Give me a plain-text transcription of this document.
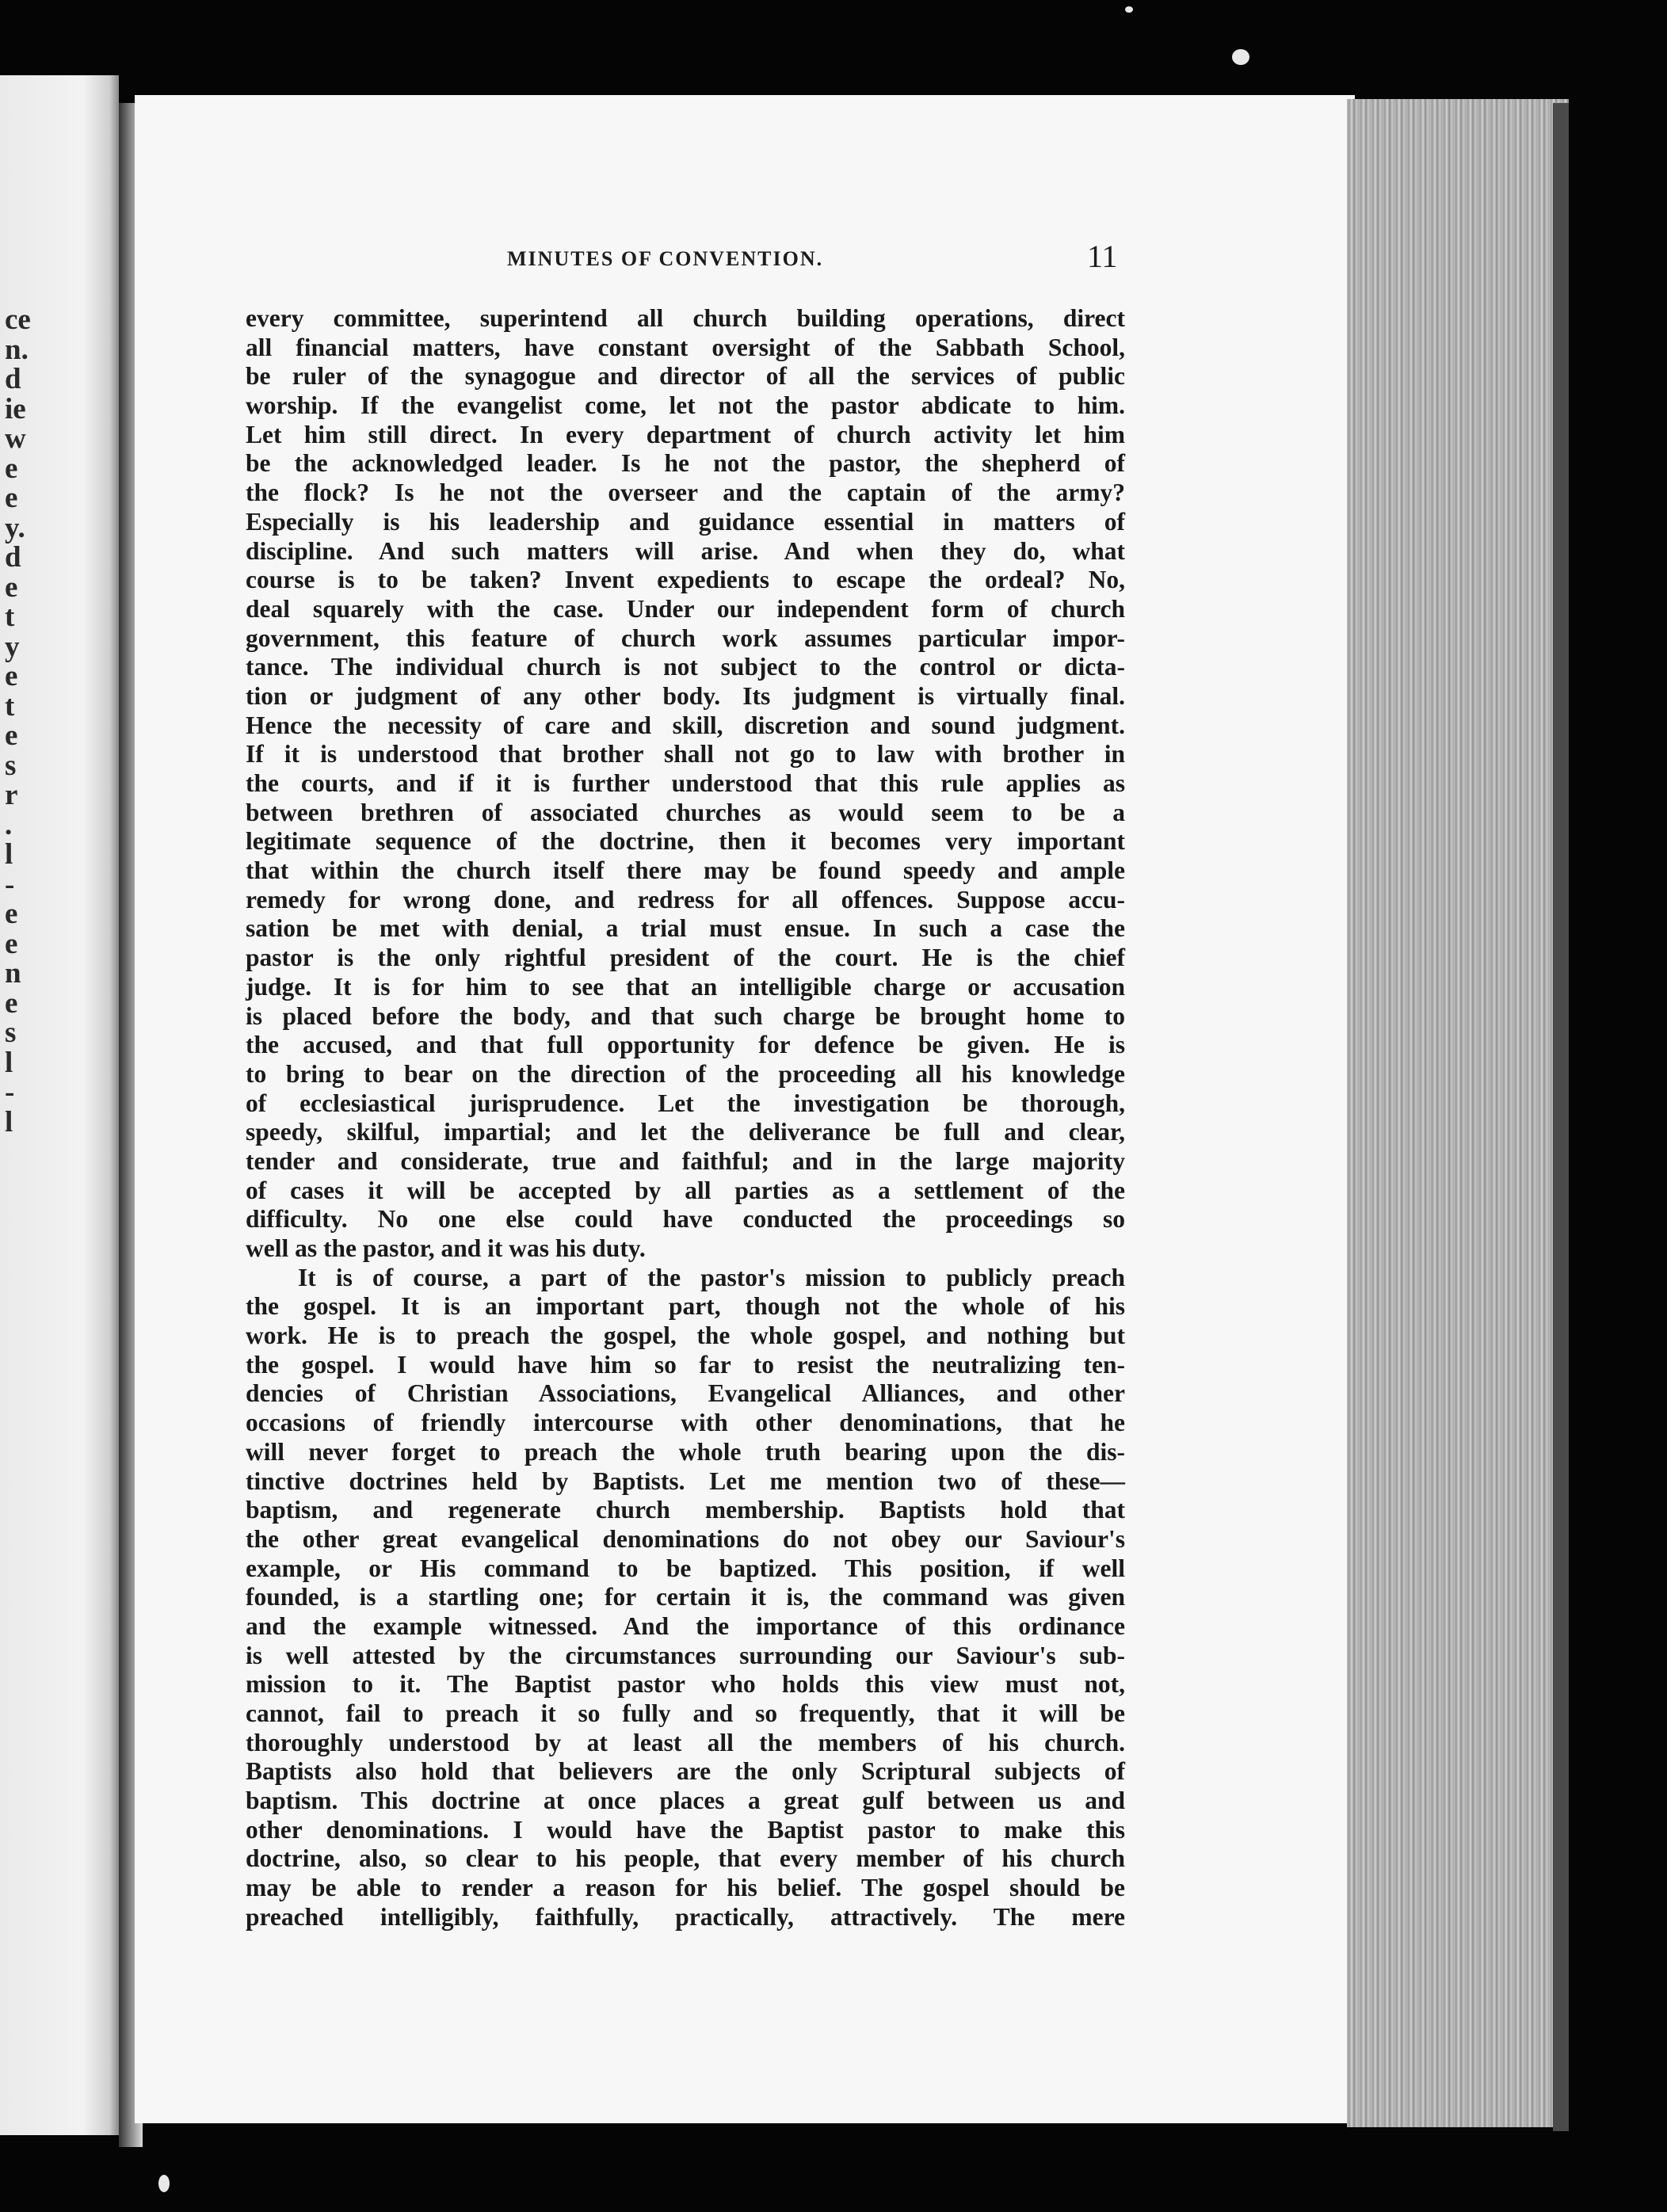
ce
n.
d
ie
w
e
e
y.
d
e
t
y
e
t
e
s
r
.
l
-
e
e
n
e
s
l
-
l
MINUTES OF CONVENTION.	11
every committee, superintend all church building operations, direct
all financial matters, have constant oversight of the Sabbath School,
be ruler of the synagogue and director of all the services of public
worship. If the evangelist come, let not the pastor abdicate to him.
Let him still direct. In every department of church activity let him
be the acknowledged leader. Is he not the pastor, the shepherd of
the flock? Is he not the overseer and the captain of the army?
Especially is his leadership and guidance essential in matters of
discipline. And such matters will arise. And when they do, what
course is to be taken? Invent expedients to escape the ordeal? No,
deal squarely with the case. Under our independent form of church
government, this feature of church work assumes particular impor-
tance. The individual church is not subject to the control or dicta-
tion or judgment of any other body. Its judgment is virtually final.
Hence the necessity of care and skill, discretion and sound judgment.
If it is understood that brother shall not go to law with brother in
the courts, and if it is further understood that this rule applies as
between brethren of associated churches as would seem to be a
legitimate sequence of the doctrine, then it becomes very important
that within the church itself there may be found speedy and ample
remedy for wrong done, and redress for all offences. Suppose accu-
sation be met with denial, a trial must ensue. In such a case the
pastor is the only rightful president of the court. He is the chief
judge. It is for him to see that an intelligible charge or accusation
is placed before the body, and that such charge be brought home to
the accused, and that full opportunity for defence be given. He is
to bring to bear on the direction of the proceeding all his knowledge
of ecclesiastical jurisprudence. Let the investigation be thorough,
speedy, skilful, impartial; and let the deliverance be full and clear,
tender and considerate, true and faithful; and in the large majority
of cases it will be accepted by all parties as a settlement of the
difficulty. No one else could have conducted the proceedings so
well as the pastor, and it was his duty.
It is of course, a part of the pastor's mission to publicly preach
the gospel. It is an important part, though not the whole of his
work. He is to preach the gospel, the whole gospel, and nothing but
the gospel. I would have him so far to resist the neutralizing ten-
dencies of Christian Associations, Evangelical Alliances, and other
occasions of friendly intercourse with other denominations, that he
will never forget to preach the whole truth bearing upon the dis-
tinctive doctrines held by Baptists. Let me mention two of these—
baptism, and regenerate church membership. Baptists hold that
the other great evangelical denominations do not obey our Saviour's
example, or His command to be baptized. This position, if well
founded, is a startling one; for certain it is, the command was given
and the example witnessed. And the importance of this ordinance
is well attested by the circumstances surrounding our Saviour's sub-
mission to it. The Baptist pastor who holds this view must not,
cannot, fail to preach it so fully and so frequently, that it will be
thoroughly understood by at least all the members of his church.
Baptists also hold that believers are the only Scriptural subjects of
baptism. This doctrine at once places a great gulf between us and
other denominations. I would have the Baptist pastor to make this
doctrine, also, so clear to his people, that every member of his church
may be able to render a reason for his belief. The gospel should be
preached intelligibly, faithfully, practically, attractively. The mere
